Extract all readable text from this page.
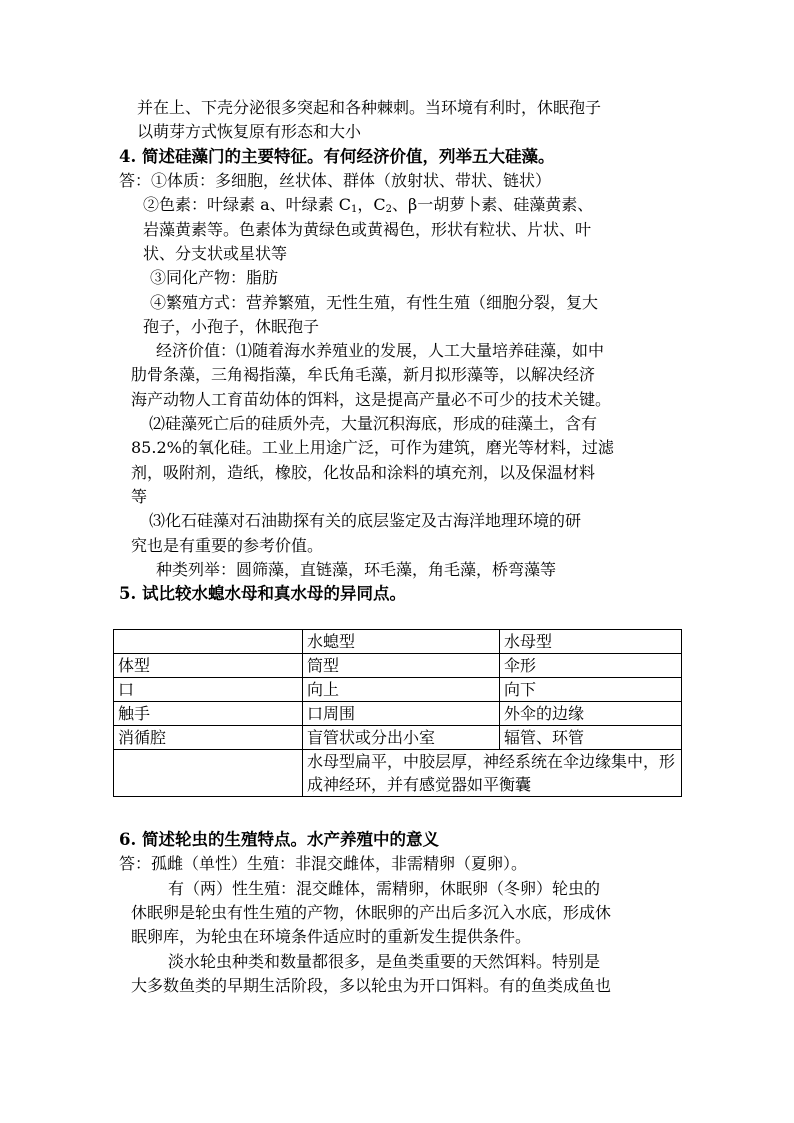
并在上、下壳分泌很多突起和各种棘刺。当环境有利时，休眠孢子
以萌芽方式恢复原有形态和大小
4. 简述硅藻门的主要特征。有何经济价值，列举五大硅藻。
答：①体质：多细胞，丝状体、群体（放射状、带状、链状）
②色素：叶绿素 a、叶绿素 $C_1$，$C_2$、β一胡萝卜素、硅藻黄素、
岩藻黄素等。色素体为黄绿色或黄褐色，形状有粒状、片状、叶
状、分支状或星状等
③同化产物：脂肪
④繁殖方式：营养繁殖，无性生殖，有性生殖（细胞分裂，复大
孢子，小孢子，休眠孢子
经济价值：⑴随着海水养殖业的发展，人工大量培养硅藻，如中
肋骨条藻，三角褐指藻，牟氏角毛藻，新月拟形藻等，以解决经济
海产动物人工育苗幼体的饵料，这是提高产量必不可少的技术关键。
⑵硅藻死亡后的硅质外壳，大量沉积海底，形成的硅藻土，含有
85.2%的氧化硅。工业上用途广泛，可作为建筑，磨光等材料，过滤
剂，吸附剂，造纸，橡胶，化妆品和涂料的填充剂，以及保温材料
等
⑶化石硅藻对石油勘探有关的底层鉴定及古海洋地理环境的研
究也是有重要的参考价值。
种类列举：圆筛藻，直链藻，环毛藻，角毛藻，桥弯藻等
5. 试比较水螅水母和真水母的异同点。
	水螅型	水母型
体型	筒型	伞形
口	向上	向下
触手	口周围	外伞的边缘
消循腔	盲管状或分出小室	辐管、环管
	水母型扁平，中胶层厚，神经系统在伞边缘集中，形成神经环，并有感觉器如平衡囊	
6. 简述轮虫的生殖特点。水产养殖中的意义
答：孤雌（单性）生殖：非混交雌体，非需精卵（夏卵）。
有（两）性生殖：混交雌体，需精卵，休眠卵（冬卵）轮虫的
休眠卵是轮虫有性生殖的产物，休眠卵的产出后多沉入水底，形成休
眠卵库，为轮虫在环境条件适应时的重新发生提供条件。
淡水轮虫种类和数量都很多，是鱼类重要的天然饵料。特别是
大多数鱼类的早期生活阶段，多以轮虫为开口饵料。有的鱼类成鱼也
